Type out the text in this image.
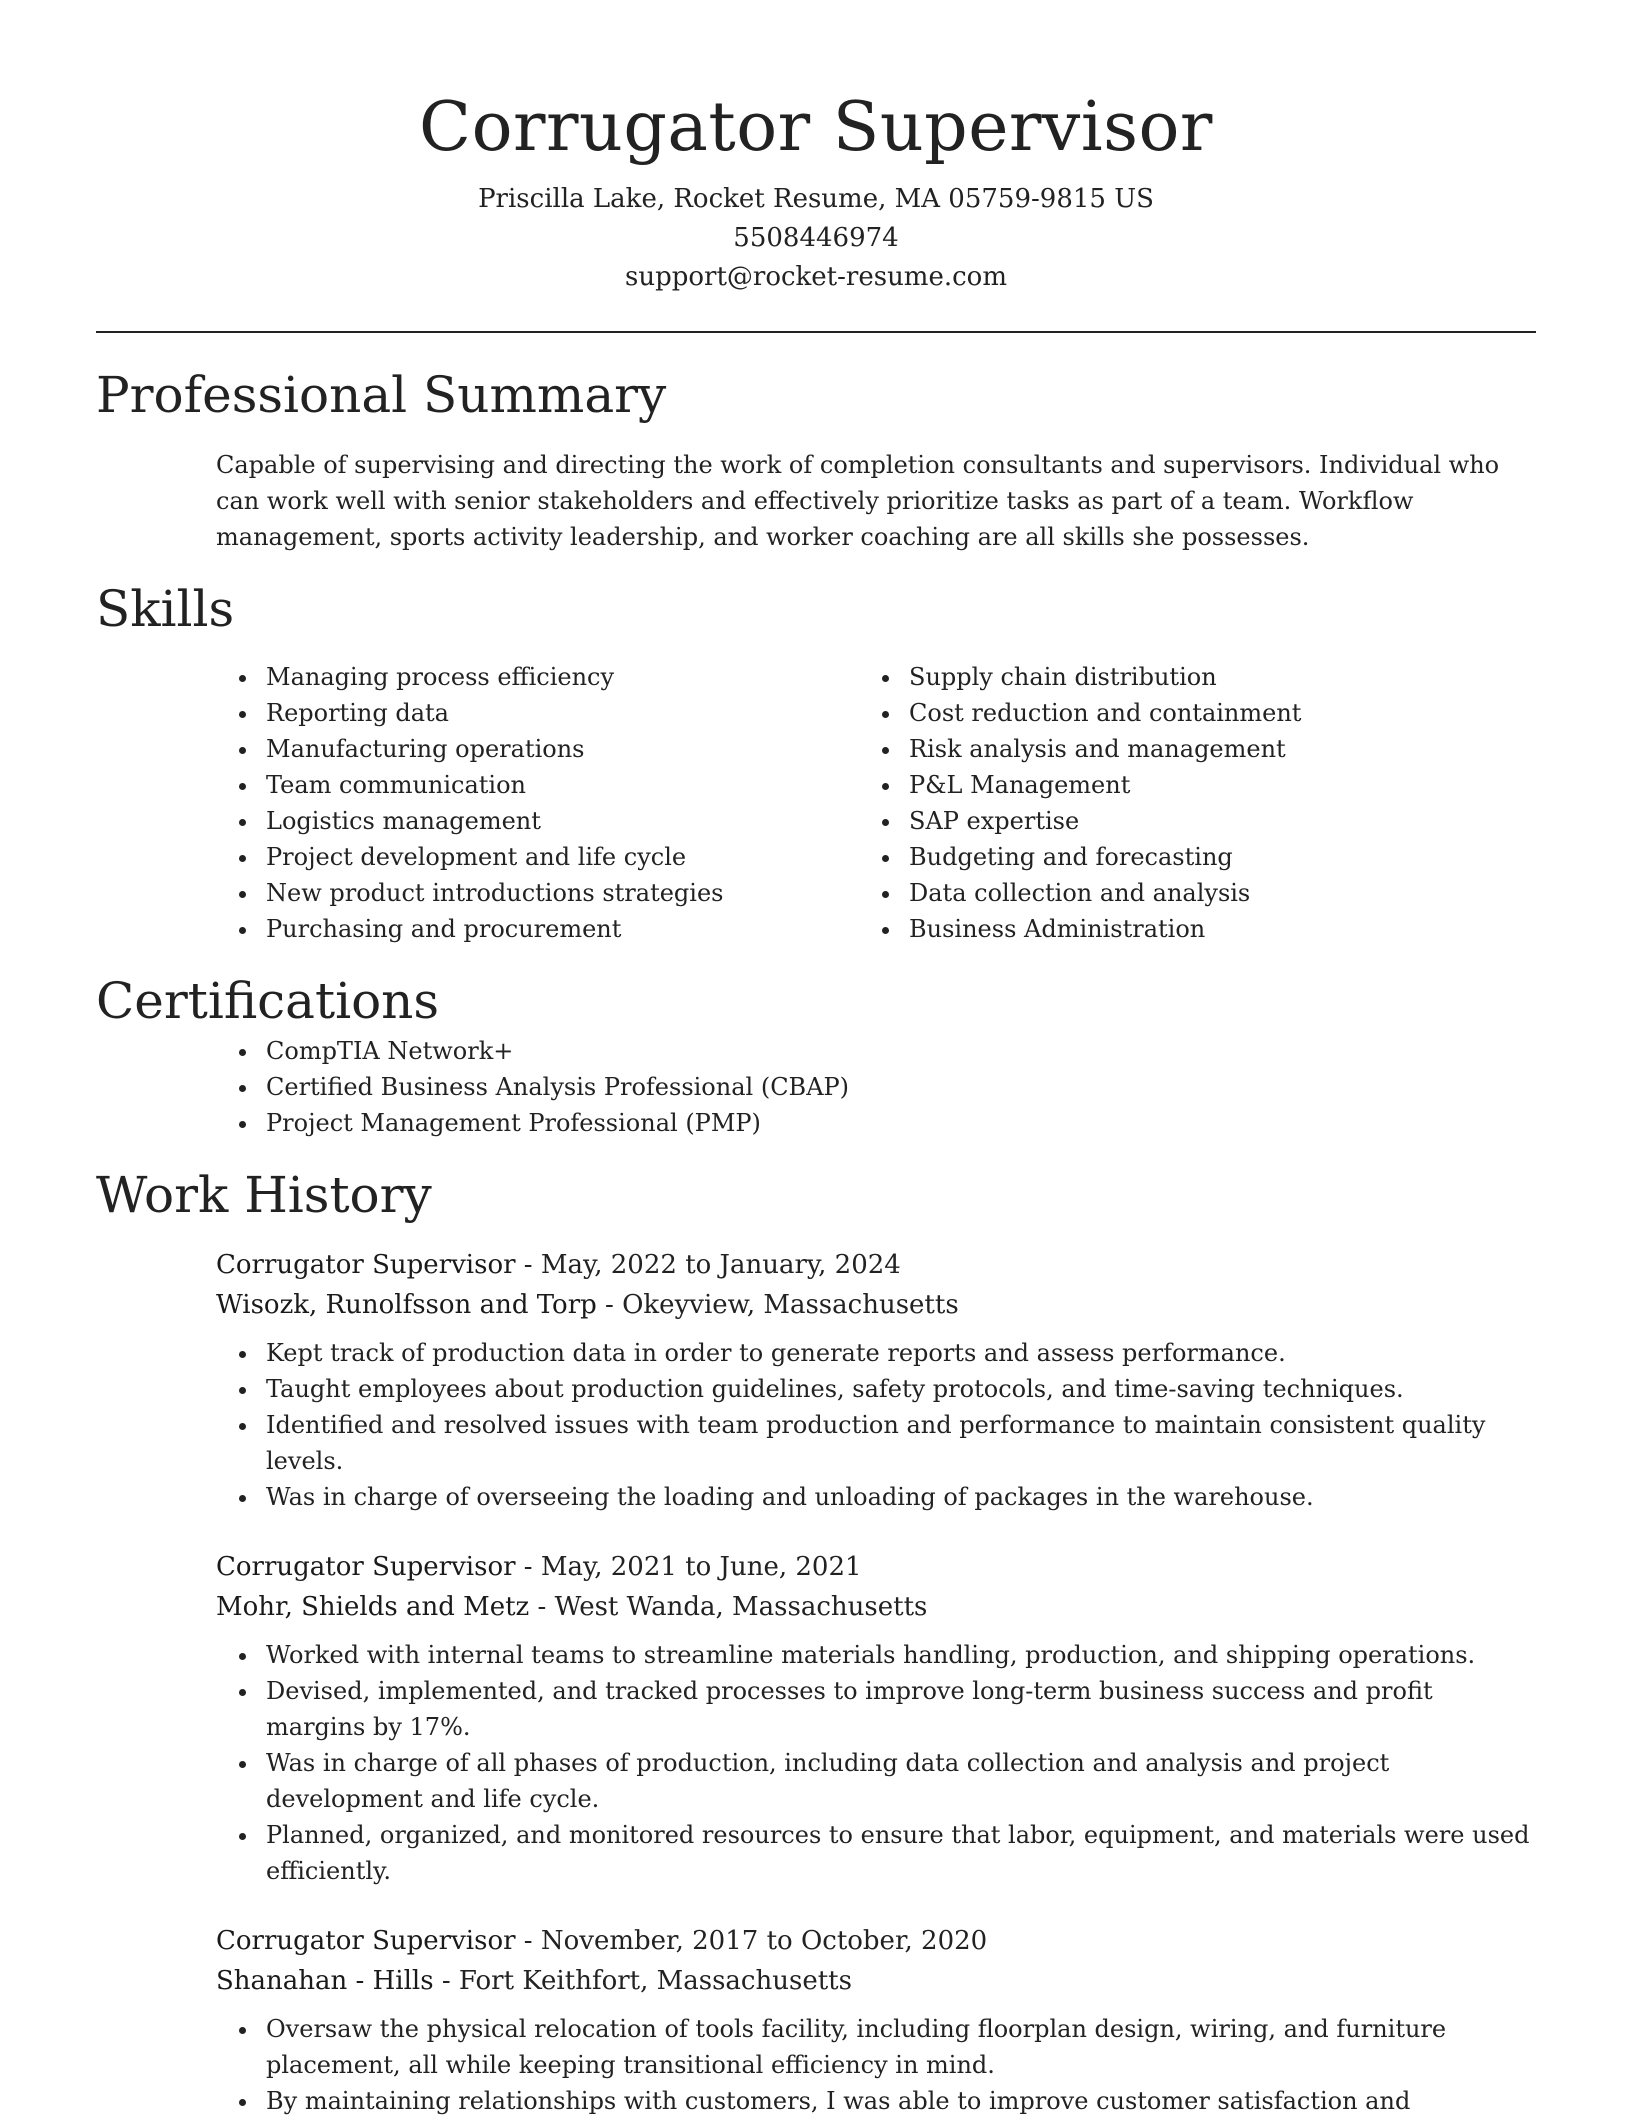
Corrugator Supervisor

Priscilla Lake, Rocket Resume, MA 05759-9815 US

5508446974

support@rocket-resume.com

Professional Summary

Capable of supervising and directing the work of completion consultants and supervisors. Individual who can work well with senior stakeholders and effectively prioritize tasks as part of a team. Workflow management, sports activity leadership, and worker coaching are all skills she possesses.

Skills
• Managing process efficiency
• Reporting data
• Manufacturing operations
• Team communication
• Logistics management
• Project development and life cycle
• New product introductions strategies
• Purchasing and procurement
• Supply chain distribution
• Cost reduction and containment
• Risk analysis and management
• P&L Management
• SAP expertise
• Budgeting and forecasting
• Data collection and analysis
• Business Administration
Certifications
• CompTIA Network+
• Certified Business Analysis Professional (CBAP)
• Project Management Professional (PMP)
Work History

Corrugator Supervisor - May, 2022 to January, 2024

Wisozk, Runolfsson and Torp - Okeyview, Massachusetts

• Kept track of production data in order to generate reports and assess performance.
• Taught employees about production guidelines, safety protocols, and time-saving techniques.
• Identified and resolved issues with team production and performance to maintain consistent quality levels.
• Was in charge of overseeing the loading and unloading of packages in the warehouse.

Corrugator Supervisor - May, 2021 to June, 2021

Mohr, Shields and Metz - West Wanda, Massachusetts

• Worked with internal teams to streamline materials handling, production, and shipping operations.
• Devised, implemented, and tracked processes to improve long-term business success and profit margins by 17%.
• Was in charge of all phases of production, including data collection and analysis and project development and life cycle.
• Planned, organized, and monitored resources to ensure that labor, equipment, and materials were used efficiently.

Corrugator Supervisor - November, 2017 to October, 2020

Shanahan - Hills - Fort Keithfort, Massachusetts

• Oversaw the physical relocation of tools facility, including floorplan design, wiring, and furniture placement, all while keeping transitional efficiency in mind.
• By maintaining relationships with customers, I was able to improve customer satisfaction and
